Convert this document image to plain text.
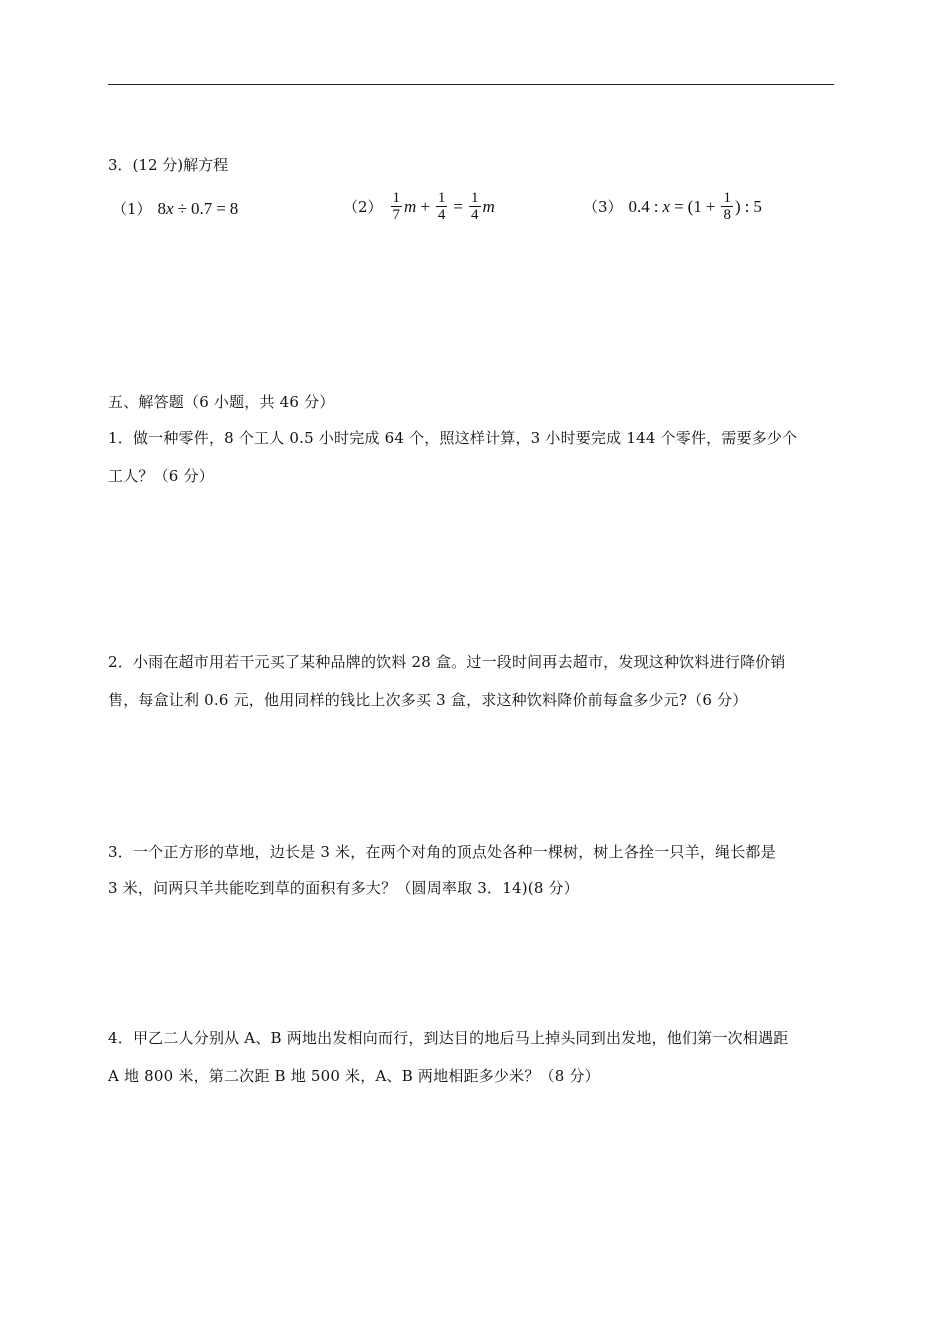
3．(12 分)解方程
（1） 8x ÷ 0.7 = 8	$(2) \frac{1}{7}$ $m + \frac{1}{4} = \frac{1}{4}$ m	（3） 0.4 : $x = (1 + \frac{1}{8}$ ) : 5
五、解答题（6 小题，共 46 分）
1．做一种零件，8 个工人 0.5 小时完成 64 个，照这样计算，3 小时要完成 144 个零件，需要多少个
工人？（6 分）
2．小雨在超市用若干元买了某种品牌的饮料 28 盒。过一段时间再去超市，发现这种饮料进行降价销
售，每盒让利 0.6 元，他用同样的钱比上次多买 3 盒，求这种饮料降价前每盒多少元?（6 分）
3．一个正方形的草地，边长是 3 米，在两个对角的顶点处各种一棵树，树上各拴一只羊，绳长都是
3 米，问两只羊共能吃到草的面积有多大？（圆周率取 3．14)(8 分）
4．甲乙二人分别从 A、B 两地出发相向而行，到达目的地后马上掉头同到出发地，他们第一次相遇距
A 地 800 米，第二次距 B 地 500 米，A、B 两地相距多少米？（8 分）
